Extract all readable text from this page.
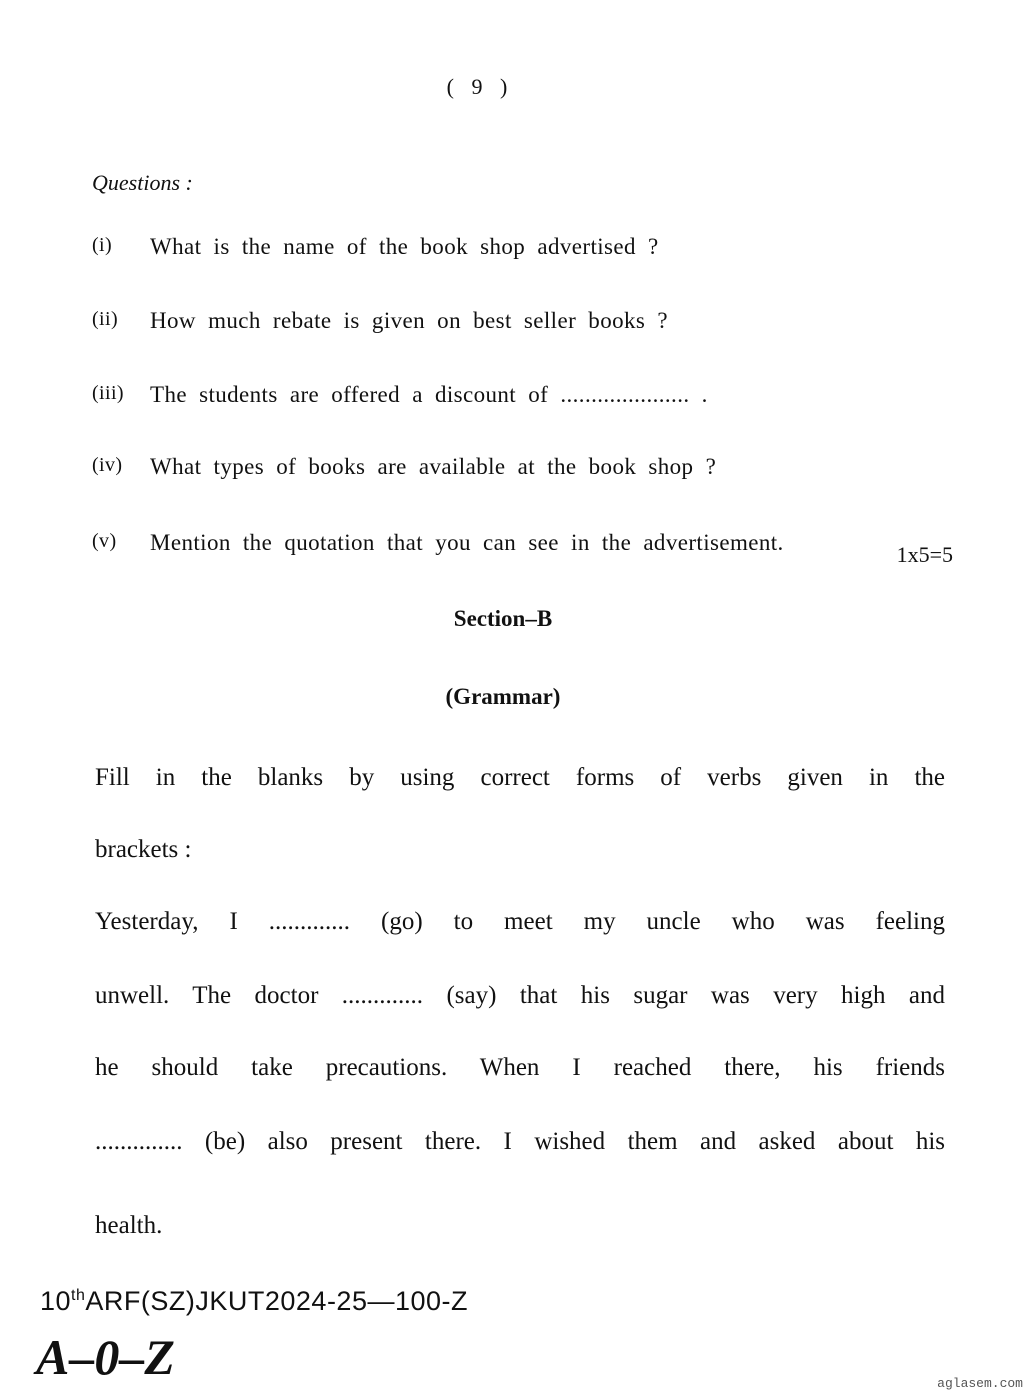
( 9 )
Questions :
(i)	What is the name of the book shop advertised ?
(ii)	How much rebate is given on best seller books ?
(iii)	The students are offered a discount of ..................... .
(iv)	What types of books are available at the book shop ?
(v)	Mention the quotation that you can see in the advertisement.	1x5=5
Section–B
(Grammar)
Fill in the blanks by using correct forms of verbs given in the
brackets :
Yesterday, I ............. (go) to meet my uncle who was feeling
unwell. The doctor ............. (say) that his sugar was very high and
he should take precautions. When I reached there, his friends
.............. (be) also present there. I wished them and asked about his
health.
10thARF(SZ)JKUT2024-25—100-Z
A–0–Z	aglasem.com
